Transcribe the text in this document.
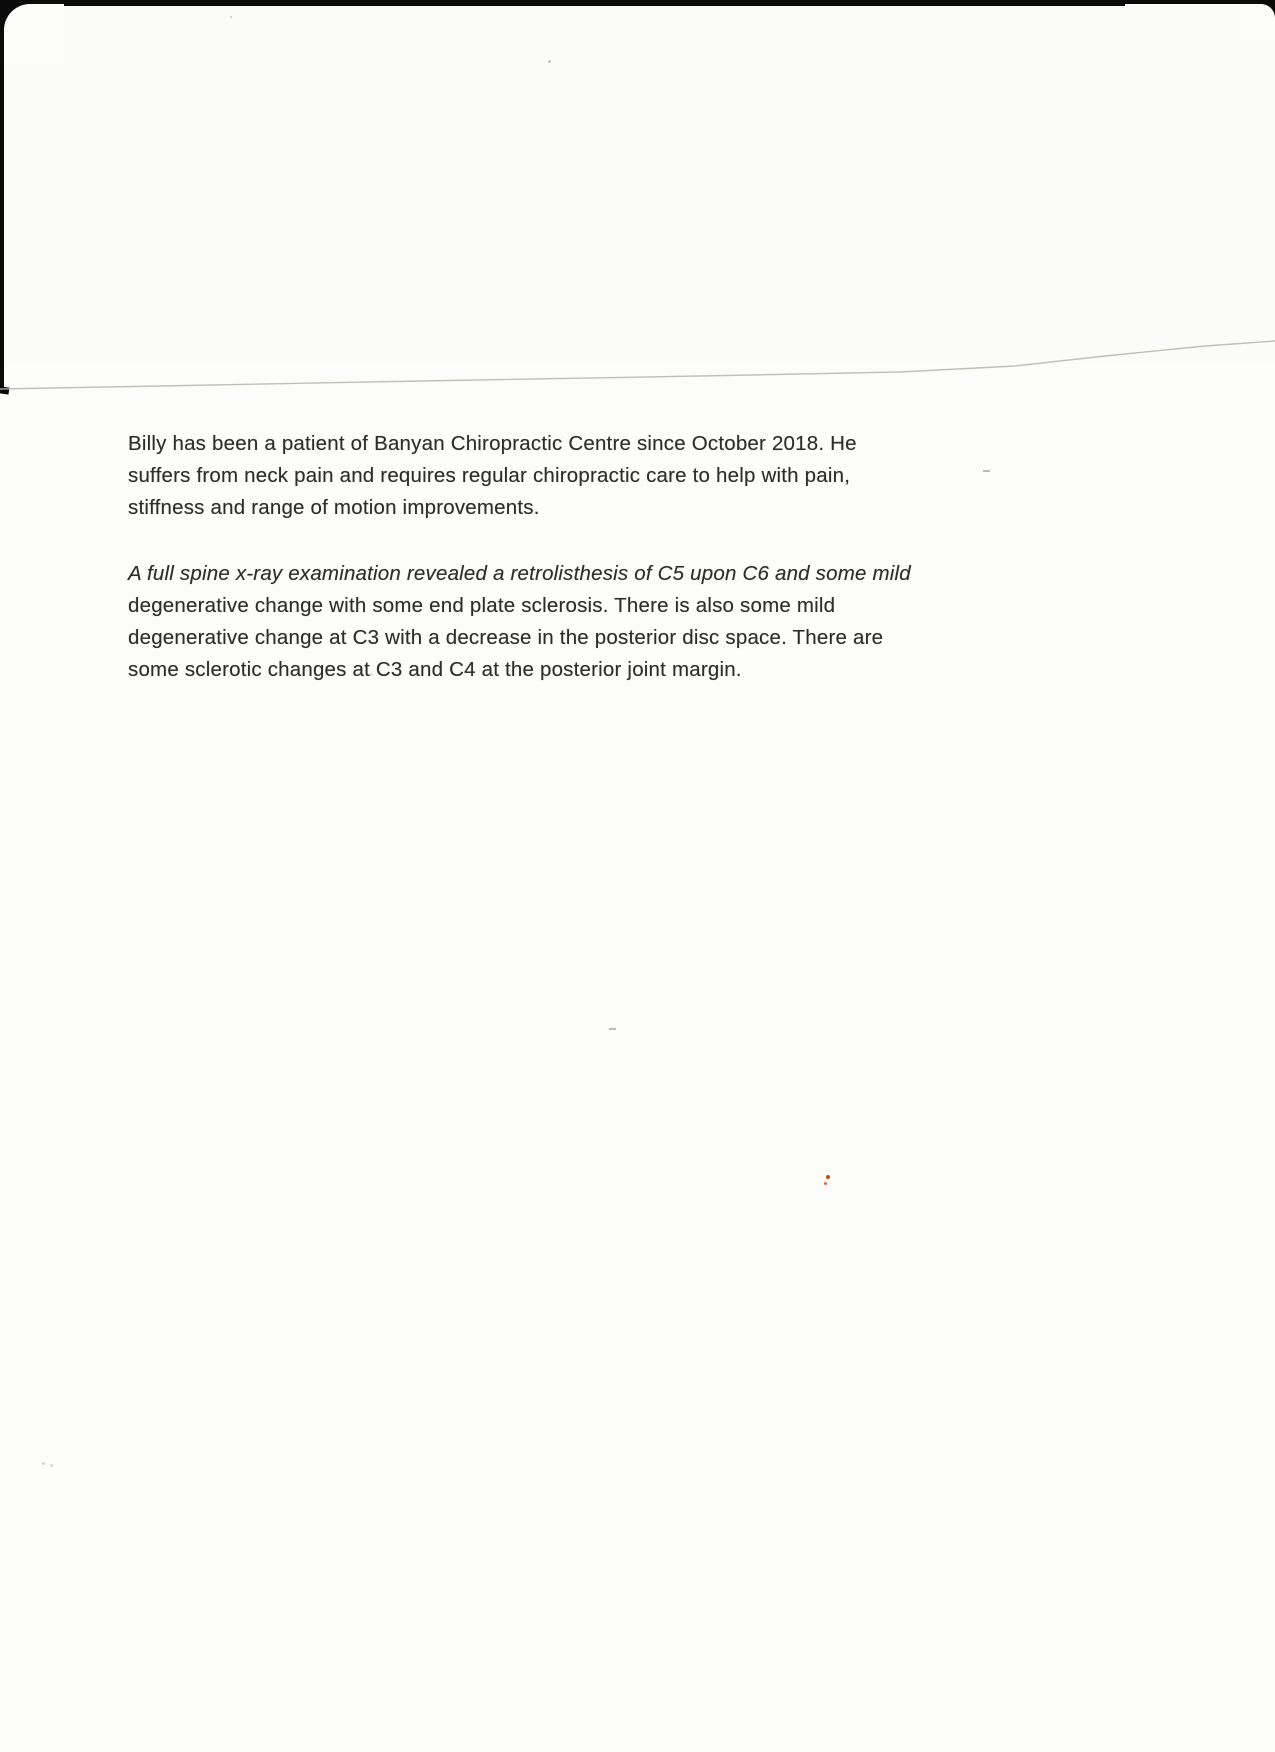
Billy has been a patient of Banyan Chiropractic Centre since October 2018. He
suffers from neck pain and requires regular chiropractic care to help with pain,
stiffness and range of motion improvements.
A full spine x-ray examination revealed a retrolisthesis of C5 upon C6 and some mild
degenerative change with some end plate sclerosis. There is also some mild
degenerative change at C3 with a decrease in the posterior disc space. There are
some sclerotic changes at C3 and C4 at the posterior joint margin.
